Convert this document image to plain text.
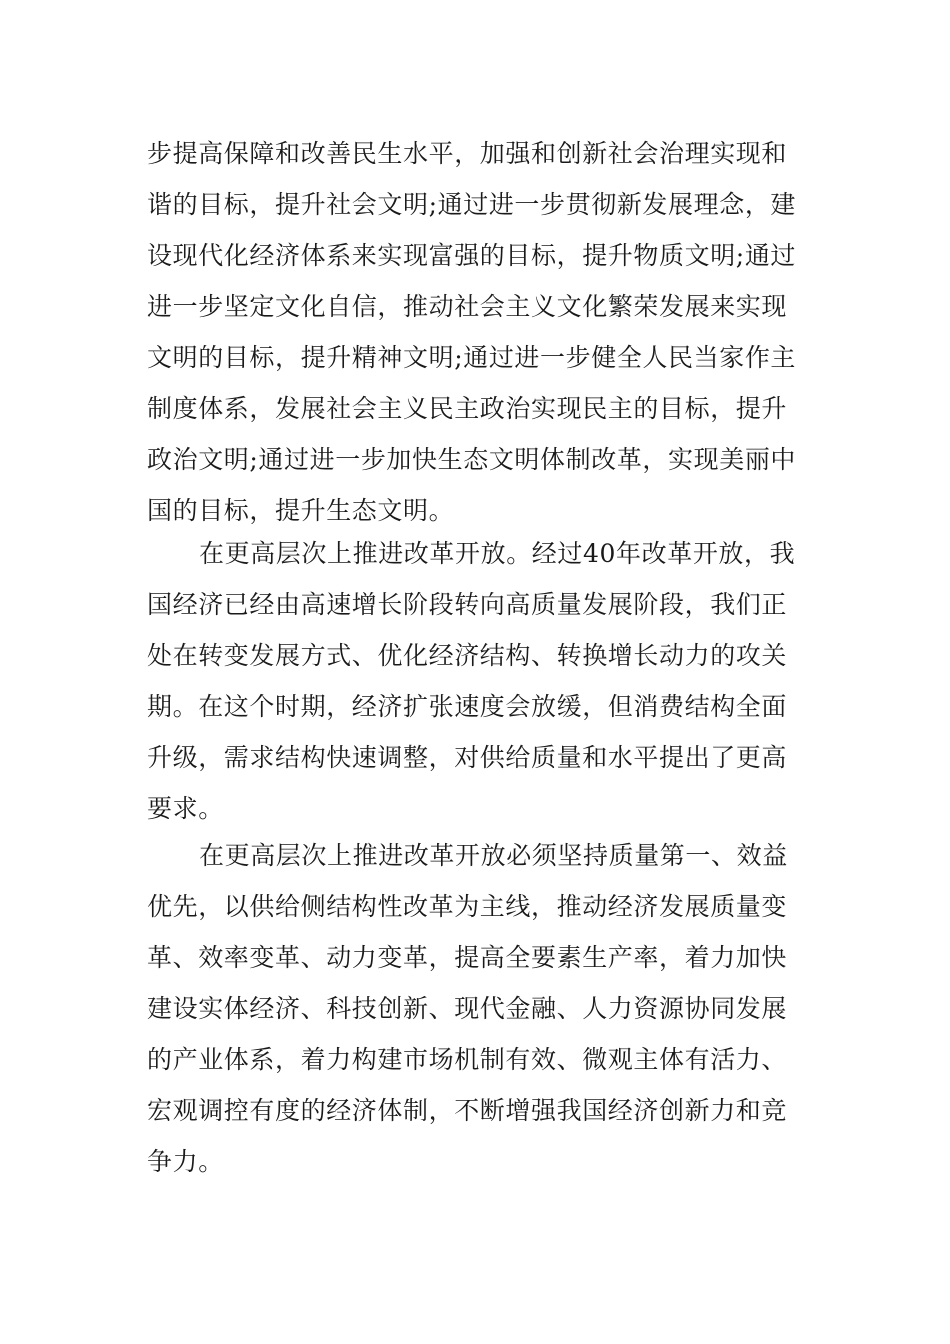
步提高保障和改善民生水平，加强和创新社会治理实现和
谐的目标，提升社会文明;通过进一步贯彻新发展理念，建
设现代化经济体系来实现富强的目标，提升物质文明;通过
进一步坚定文化自信，推动社会主义文化繁荣发展来实现
文明的目标，提升精神文明;通过进一步健全人民当家作主
制度体系，发展社会主义民主政治实现民主的目标，提升
政治文明;通过进一步加快生态文明体制改革，实现美丽中
国的目标，提升生态文明。
在更高层次上推进改革开放。经过40年改革开放，我
国经济已经由高速增长阶段转向高质量发展阶段，我们正
处在转变发展方式、优化经济结构、转换增长动力的攻关
期。在这个时期，经济扩张速度会放缓，但消费结构全面
升级，需求结构快速调整，对供给质量和水平提出了更高
要求。
在更高层次上推进改革开放必须坚持质量第一、效益
优先，以供给侧结构性改革为主线，推动经济发展质量变
革、效率变革、动力变革，提高全要素生产率，着力加快
建设实体经济、科技创新、现代金融、人力资源协同发展
的产业体系，着力构建市场机制有效、微观主体有活力、
宏观调控有度的经济体制，不断增强我国经济创新力和竞
争力。
